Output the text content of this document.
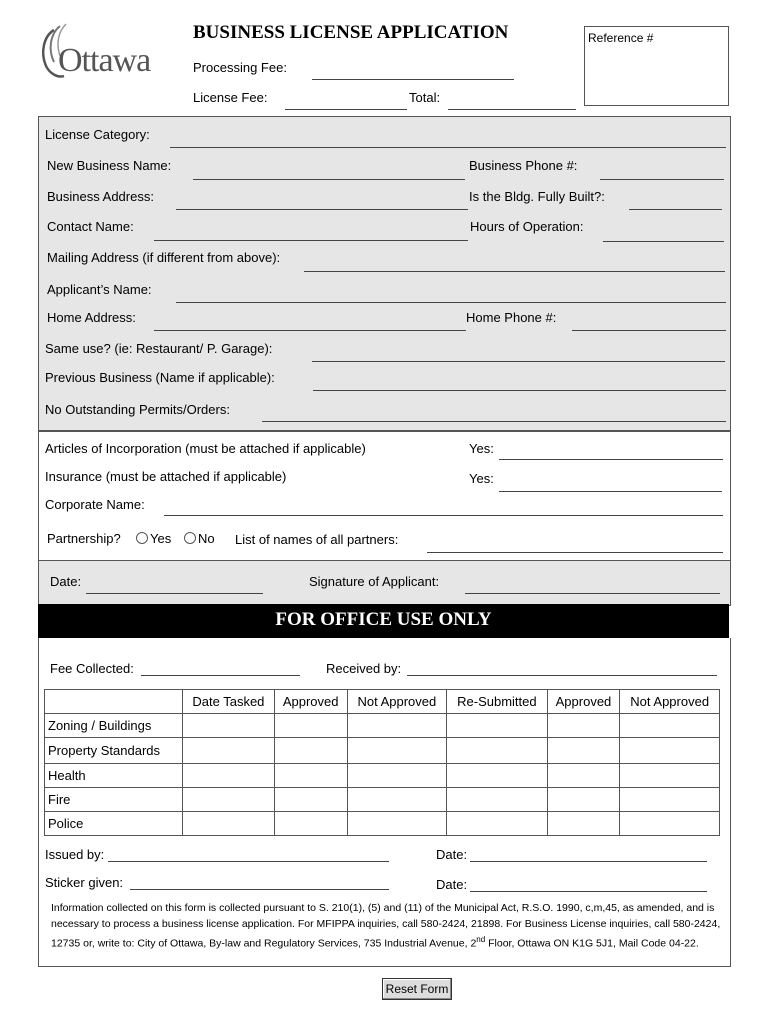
Ottawa
BUSINESS LICENSE APPLICATION	Reference #
Processing Fee:
License Fee:	Total:
License Category:
New Business Name:	Business Phone #:
Business Address:	Is the Bldg. Fully Built?:
Contact Name:	Hours of Operation:
Mailing Address (if different from above):
Applicant’s Name:
Home Address:	Home Phone #:
Same use? (ie: Restaurant/ P. Garage):
Previous Business (Name if applicable):
No Outstanding Permits/Orders:
Articles of Incorporation (must be attached if applicable)	Yes:
Insurance (must be attached if applicable)	Yes:
Corporate Name:
Partnership?	Yes	No List of names of all partners:
Date:	Signature of Applicant:
FOR OFFICE USE ONLY
Fee Collected:	Received by:
	Date Tasked	Approved	Not Approved	Re-Submitted	Approved	Not Approved
Zoning / Buildings						
Property Standards						
Health						
Fire						
Police						
Issued by:	Date:
Sticker given:	Date:
Information collected on this form is collected pursuant to S. 210(1), (5) and (11) of the Municipal Act, R.S.O. 1990, c,m,45, as amended, and is necessary to process a business license application. For MFIPPA inquiries, call 580-2424, 21898. For Business License inquiries, call 580-2424, 12735 or, write to: City of Ottawa, By-law and Regulatory Services, 735 Industrial Avenue, 2nd Floor, Ottawa ON K1G 5J1, Mail Code 04-22.
Reset Form
